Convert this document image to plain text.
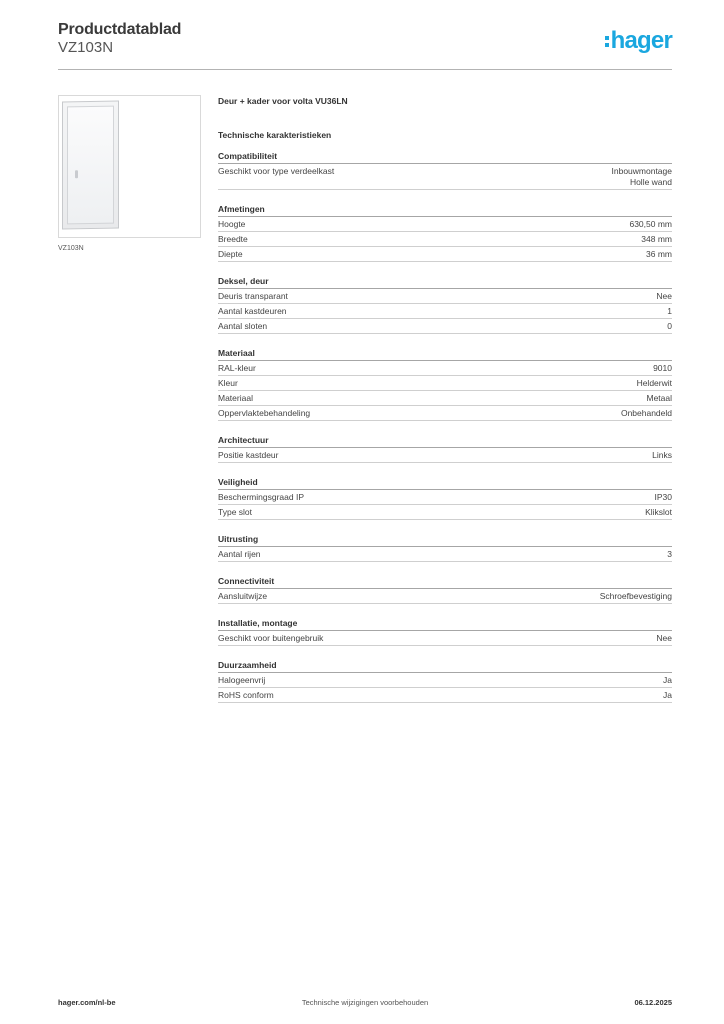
Productdatablad
VZ103N	hager
VZ103N
Deur + kader voor volta VU36LN
Technische karakteristieken
Compatibiliteit
Geschikt voor type verdeelkast	Inbouwmontage
Holle wand
Afmetingen
Hoogte	630,50 mm
Breedte	348 mm
Diepte	36 mm
Deksel, deur
Deuris transparant	Nee
Aantal kastdeuren	1
Aantal sloten	0
Materiaal
RAL-kleur	9010
Kleur	Helderwit
Materiaal	Metaal
Oppervlaktebehandeling	Onbehandeld
Architectuur
Positie kastdeur	Links
Veiligheid
Beschermingsgraad IP	IP30
Type slot	Klikslot
Uitrusting
Aantal rijen	3
Connectiviteit
Aansluitwijze	Schroefbevestiging
Installatie, montage
Geschikt voor buitengebruik	Nee
Duurzaamheid
Halogeenvrij	Ja
RoHS conform	Ja
hager.com/nl-be	Technische wijzigingen voorbehouden	06.12.2025
